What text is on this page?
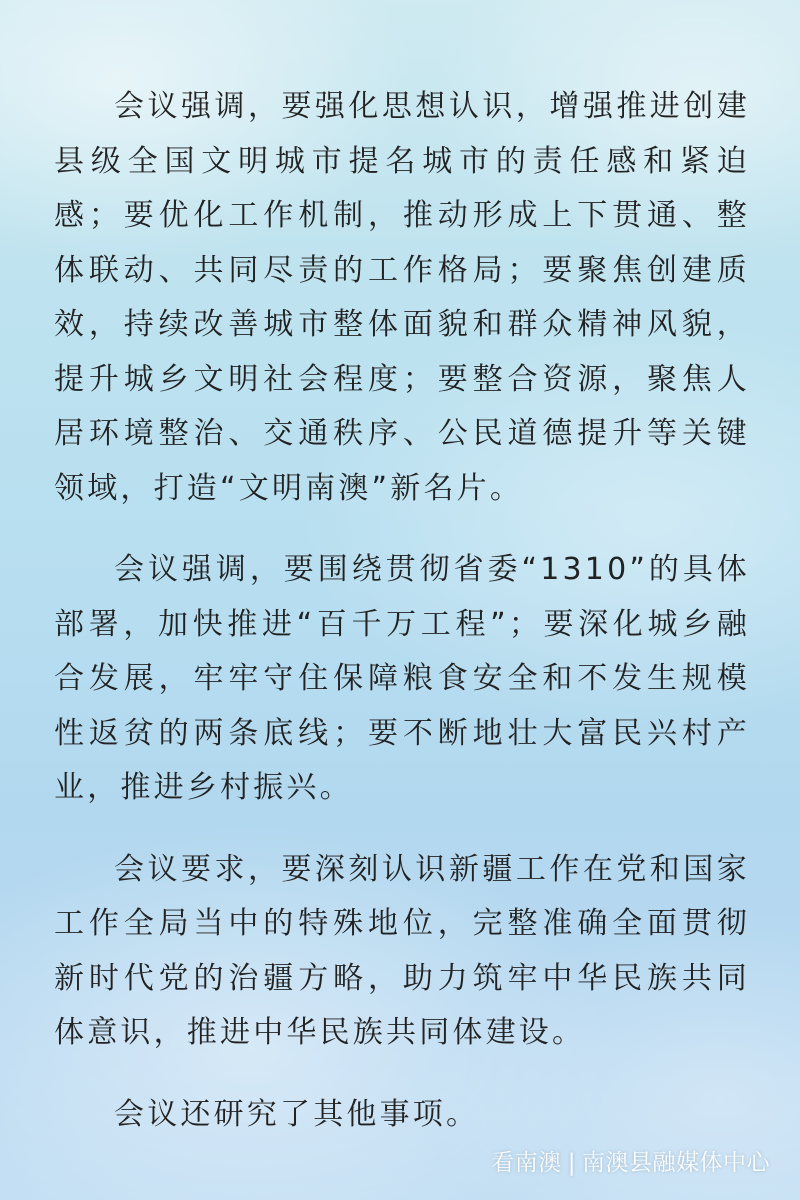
会议强调，要强化思想认识，增强推进创建县级全国文明城市提名城市的责任感和紧迫感；要优化工作机制，推动形成上下贯通、整体联动、共同尽责的工作格局；要聚焦创建质效，持续改善城市整体面貌和群众精神风貌，提升城乡文明社会程度；要整合资源，聚焦人居环境整治、交通秩序、公民道德提升等关键领域，打造“文明南澳”新名片。

会议强调，要围绕贯彻省委“1310”的具体部署，加快推进“百千万工程”；要深化城乡融合发展，牢牢守住保障粮食安全和不发生规模性返贫的两条底线；要不断地壮大富民兴村产业，推进乡村振兴。

会议要求，要深刻认识新疆工作在党和国家工作全局当中的特殊地位，完整准确全面贯彻新时代党的治疆方略，助力筑牢中华民族共同体意识，推进中华民族共同体建设。

会议还研究了其他事项。

看南澳 | 南澳县融媒体中心
